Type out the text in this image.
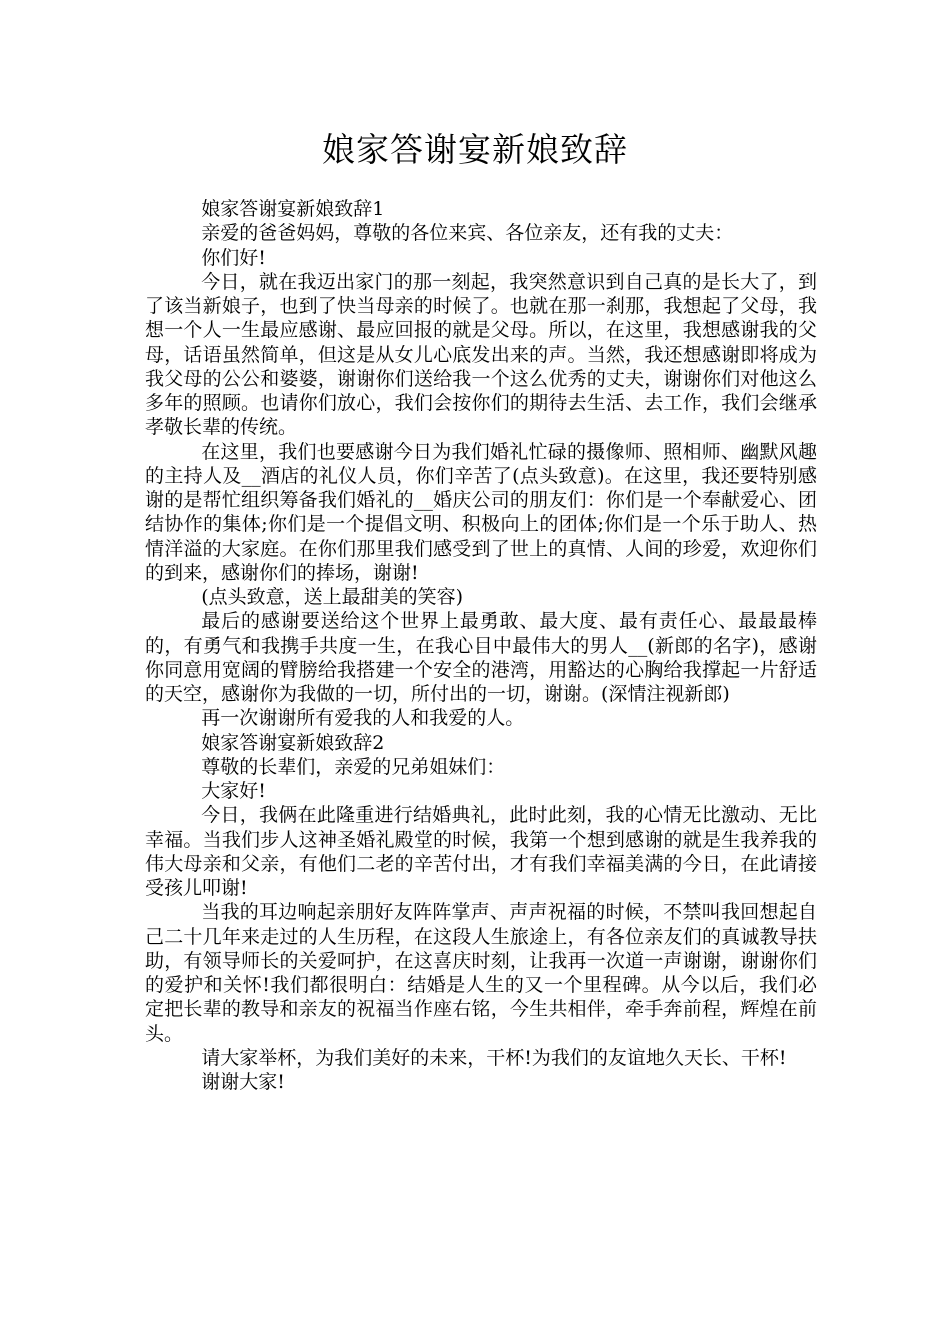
娘家答谢宴新娘致辞

娘家答谢宴新娘致辞1

亲爱的爸爸妈妈，尊敬的各位来宾、各位亲友，还有我的丈夫：

你们好!

今日，就在我迈出家门的那一刻起，我突然意识到自己真的是长大了，到了该当新娘子，也到了快当母亲的时候了。也就在那一刹那，我想起了父母，我想一个人一生最应感谢、最应回报的就是父母。所以，在这里，我想感谢我的父母，话语虽然简单，但这是从女儿心底发出来的声。当然，我还想感谢即将成为我父母的公公和婆婆，谢谢你们送给我一个这么优秀的丈夫，谢谢你们对他这么多年的照顾。也请你们放心，我们会按你们的期待去生活、去工作，我们会继承孝敬长辈的传统。

在这里，我们也要感谢今日为我们婚礼忙碌的摄像师、照相师、幽默风趣的主持人及__酒店的礼仪人员，你们辛苦了(点头致意)。在这里，我还要特别感谢的是帮忙组织筹备我们婚礼的__婚庆公司的朋友们：你们是一个奉献爱心、团结协作的集体;你们是一个提倡文明、积极向上的团体;你们是一个乐于助人、热情洋溢的大家庭。在你们那里我们感受到了世上的真情、人间的珍爱，欢迎你们的到来，感谢你们的捧场，谢谢!

(点头致意，送上最甜美的笑容)

最后的感谢要送给这个世界上最勇敢、最大度、最有责任心、最最最棒的，有勇气和我携手共度一生，在我心目中最伟大的男人__(新郎的名字)，感谢你同意用宽阔的臂膀给我搭建一个安全的港湾，用豁达的心胸给我撑起一片舒适的天空，感谢你为我做的一切，所付出的一切，谢谢。(深情注视新郎)

再一次谢谢所有爱我的人和我爱的人。

娘家答谢宴新娘致辞2

尊敬的长辈们，亲爱的兄弟姐妹们：

大家好!

今日，我俩在此隆重进行结婚典礼，此时此刻，我的心情无比激动、无比幸福。当我们步人这神圣婚礼殿堂的时候，我第一个想到感谢的就是生我养我的伟大母亲和父亲，有他们二老的辛苦付出，才有我们幸福美满的今日，在此请接受孩儿叩谢!

当我的耳边响起亲朋好友阵阵掌声、声声祝福的时候，不禁叫我回想起自己二十几年来走过的人生历程，在这段人生旅途上，有各位亲友们的真诚教导扶助，有领导师长的关爱呵护，在这喜庆时刻，让我再一次道一声谢谢，谢谢你们的爱护和关怀!我们都很明白：结婚是人生的又一个里程碑。从今以后，我们必定把长辈的教导和亲友的祝福当作座右铭，今生共相伴，牵手奔前程，辉煌在前头。

请大家举杯，为我们美好的未来，干杯!为我们的友谊地久天长、干杯!

谢谢大家!
